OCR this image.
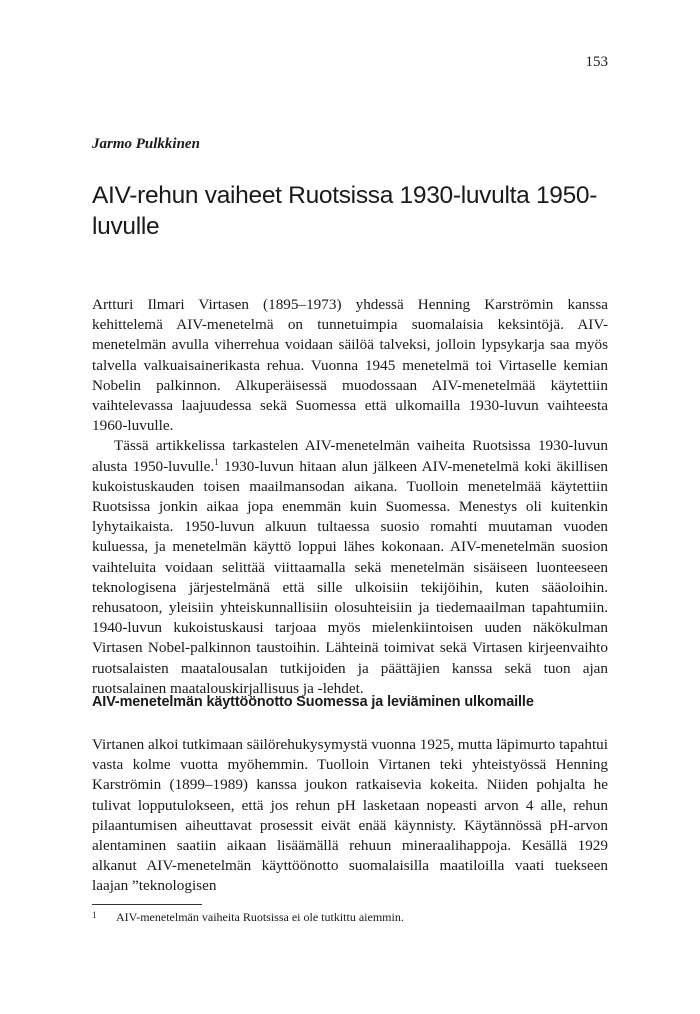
153
Jarmo Pulkkinen
AIV-rehun vaiheet Ruotsissa 1930-luvulta 1950-luvulle

Artturi Ilmari Virtasen (1895–1973) yhdessä Henning Karströmin kanssa kehittelemä AIV-menetelmä on tunnetuimpia suomalaisia keksintöjä. AIV-menetelmän avulla viherrehua voidaan säilöä talveksi, jolloin lypsykarja saa myös talvella valkuaisainerikasta rehua. Vuonna 1945 menetelmä toi Virtaselle kemian Nobelin palkinnon. Alkuperäisessä muodossaan AIV-menetelmää käytettiin vaihtelevassa laajuudessa sekä Suomessa että ulkomailla 1930-luvun vaihteesta 1960-luvulle.

Tässä artikkelissa tarkastelen AIV-menetelmän vaiheita Ruotsissa 1930-luvun alusta 1950-luvulle.$^1$ 1930-luvun hitaan alun jälkeen AIV-menetelmä koki äkillisen kukoistuskauden toisen maailmansodan aikana. Tuolloin menetelmää käytettiin Ruotsissa jonkin aikaa jopa enemmän kuin Suomessa. Menestys oli kuitenkin lyhytaikaista. 1950-luvun alkuun tultaessa suosio romahti muutaman vuoden kuluessa, ja menetelmän käyttö loppui lähes kokonaan. AIV-menetelmän suosion vaihteluita voidaan selittää viittaamalla sekä menetelmän sisäiseen luonteeseen teknologisena järjestelmänä että sille ulkoisiin tekijöihin, kuten sääoloihin. rehusatoon, yleisiin yhteiskunnallisiin olosuhteisiin ja tiedemaailman tapahtumiin. 1940-luvun kukoistuskausi tarjoaa myös mielenkiintoisen uuden näkökulman Virtasen Nobel-palkinnon taustoihin. Lähteinä toimivat sekä Virtasen kirjeenvaihto ruotsalaisten maatalousalan tutkijoiden ja päättäjien kanssa sekä tuon ajan ruotsalainen maatalouskirjallisuus ja -lehdet.

AIV-menetelmän käyttöönotto Suomessa ja leviäminen ulkomaille

Virtanen alkoi tutkimaan säilörehukysymystä vuonna 1925, mutta läpimurto tapahtui vasta kolme vuotta myöhemmin. Tuolloin Virtanen teki yhteistyössä Henning Karströmin (1899–1989) kanssa joukon ratkaisevia kokeita. Niiden pohjalta he tulivat lopputulokseen, että jos rehun pH lasketaan nopeasti arvon 4 alle, rehun pilaantumisen aiheuttavat prosessit eivät enää käynnisty. Käytännössä pH-arvon alentaminen saatiin aikaan lisäämällä rehuun mineraalihappoja. Kesällä 1929 alkanut AIV-menetelmän käyttöönotto suomalaisilla maatiloilla vaati tuekseen laajan ”teknologisen

1 AIV-menetelmän vaiheita Ruotsissa ei ole tutkittu aiemmin.
